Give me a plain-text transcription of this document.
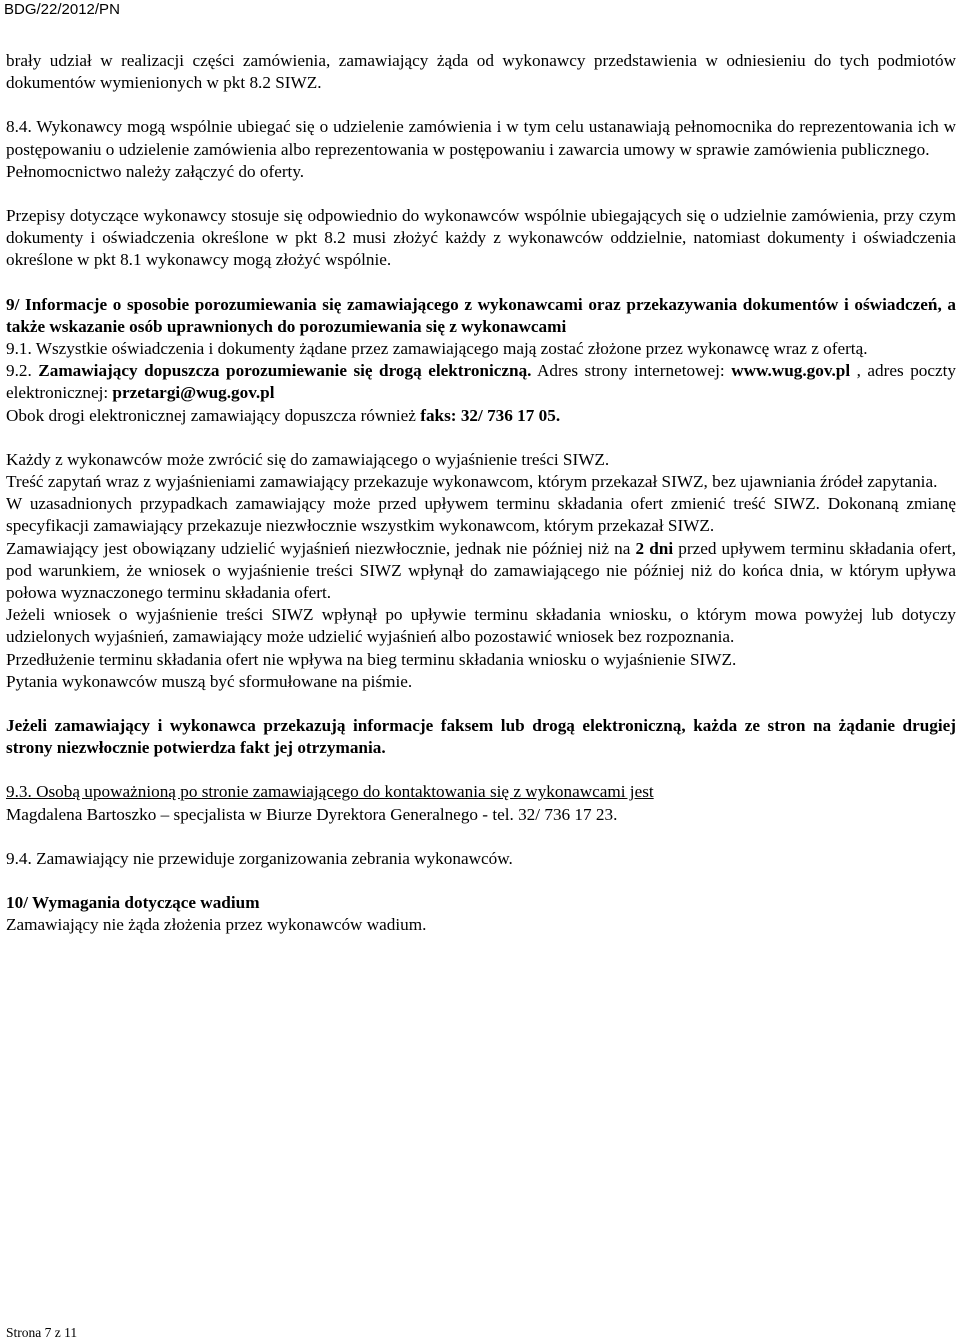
BDG/22/2012/PN

brały udział w realizacji części zamówienia, zamawiający żąda od wykonawcy przedstawienia w odniesieniu do tych podmiotów dokumentów wymienionych w pkt 8.2 SIWZ.

8.4. Wykonawcy mogą wspólnie ubiegać się o udzielenie zamówienia i w tym celu ustanawiają pełnomocnika do reprezentowania ich w postępowaniu o udzielenie zamówienia albo reprezentowania w postępowaniu i zawarcia umowy w sprawie zamówienia publicznego.

Pełnomocnictwo należy załączyć do oferty.

Przepisy dotyczące wykonawcy stosuje się odpowiednio do wykonawców wspólnie ubiegających się o udzielnie zamówienia, przy czym dokumenty i oświadczenia określone w pkt 8.2 musi złożyć każdy z wykonawców oddzielnie, natomiast dokumenty i oświadczenia określone w pkt 8.1 wykonawcy mogą złożyć wspólnie.

9/ Informacje o sposobie porozumiewania się zamawiającego z wykonawcami oraz przekazywania dokumentów i oświadczeń, a także wskazanie osób uprawnionych do porozumiewania się z wykonawcami

9.1. Wszystkie oświadczenia i dokumenty żądane przez zamawiającego mają zostać złożone przez wykonawcę wraz z ofertą.

9.2. Zamawiający dopuszcza porozumiewanie się drogą elektroniczną. Adres strony internetowej: www.wug.gov.pl , adres poczty elektronicznej: przetargi@wug.gov.pl

Obok drogi elektronicznej zamawiający dopuszcza również faks: 32/ 736 17 05.

Każdy z wykonawców może zwrócić się do zamawiającego o wyjaśnienie treści SIWZ.

Treść zapytań wraz z wyjaśnieniami zamawiający przekazuje wykonawcom, którym przekazał SIWZ, bez ujawniania źródeł zapytania.

W uzasadnionych przypadkach zamawiający może przed upływem terminu składania ofert zmienić treść SIWZ. Dokonaną zmianę specyfikacji zamawiający przekazuje niezwłocznie wszystkim wykonawcom, którym przekazał SIWZ.

Zamawiający jest obowiązany udzielić wyjaśnień niezwłocznie, jednak nie później niż na 2 dni przed upływem terminu składania ofert, pod warunkiem, że wniosek o wyjaśnienie treści SIWZ wpłynął do zamawiającego nie później niż do końca dnia, w którym upływa połowa wyznaczonego terminu składania ofert.

Jeżeli wniosek o wyjaśnienie treści SIWZ wpłynął po upływie terminu składania wniosku, o którym mowa powyżej lub dotyczy udzielonych wyjaśnień, zamawiający może udzielić wyjaśnień albo pozostawić wniosek bez rozpoznania.

Przedłużenie terminu składania ofert nie wpływa na bieg terminu składania wniosku o wyjaśnienie SIWZ.

Pytania wykonawców muszą być sformułowane na piśmie.

Jeżeli zamawiający i wykonawca przekazują informacje faksem lub drogą elektroniczną, każda ze stron na żądanie drugiej strony niezwłocznie potwierdza fakt jej otrzymania.

9.3. Osobą upoważnioną po stronie zamawiającego do kontaktowania się z wykonawcami jest

Magdalena Bartoszko – specjalista w Biurze Dyrektora Generalnego - tel. 32/ 736 17 23.

9.4. Zamawiający nie przewiduje zorganizowania zebrania wykonawców.

10/ Wymagania dotyczące wadium

Zamawiający nie żąda złożenia przez wykonawców wadium.

Strona 7 z 11
